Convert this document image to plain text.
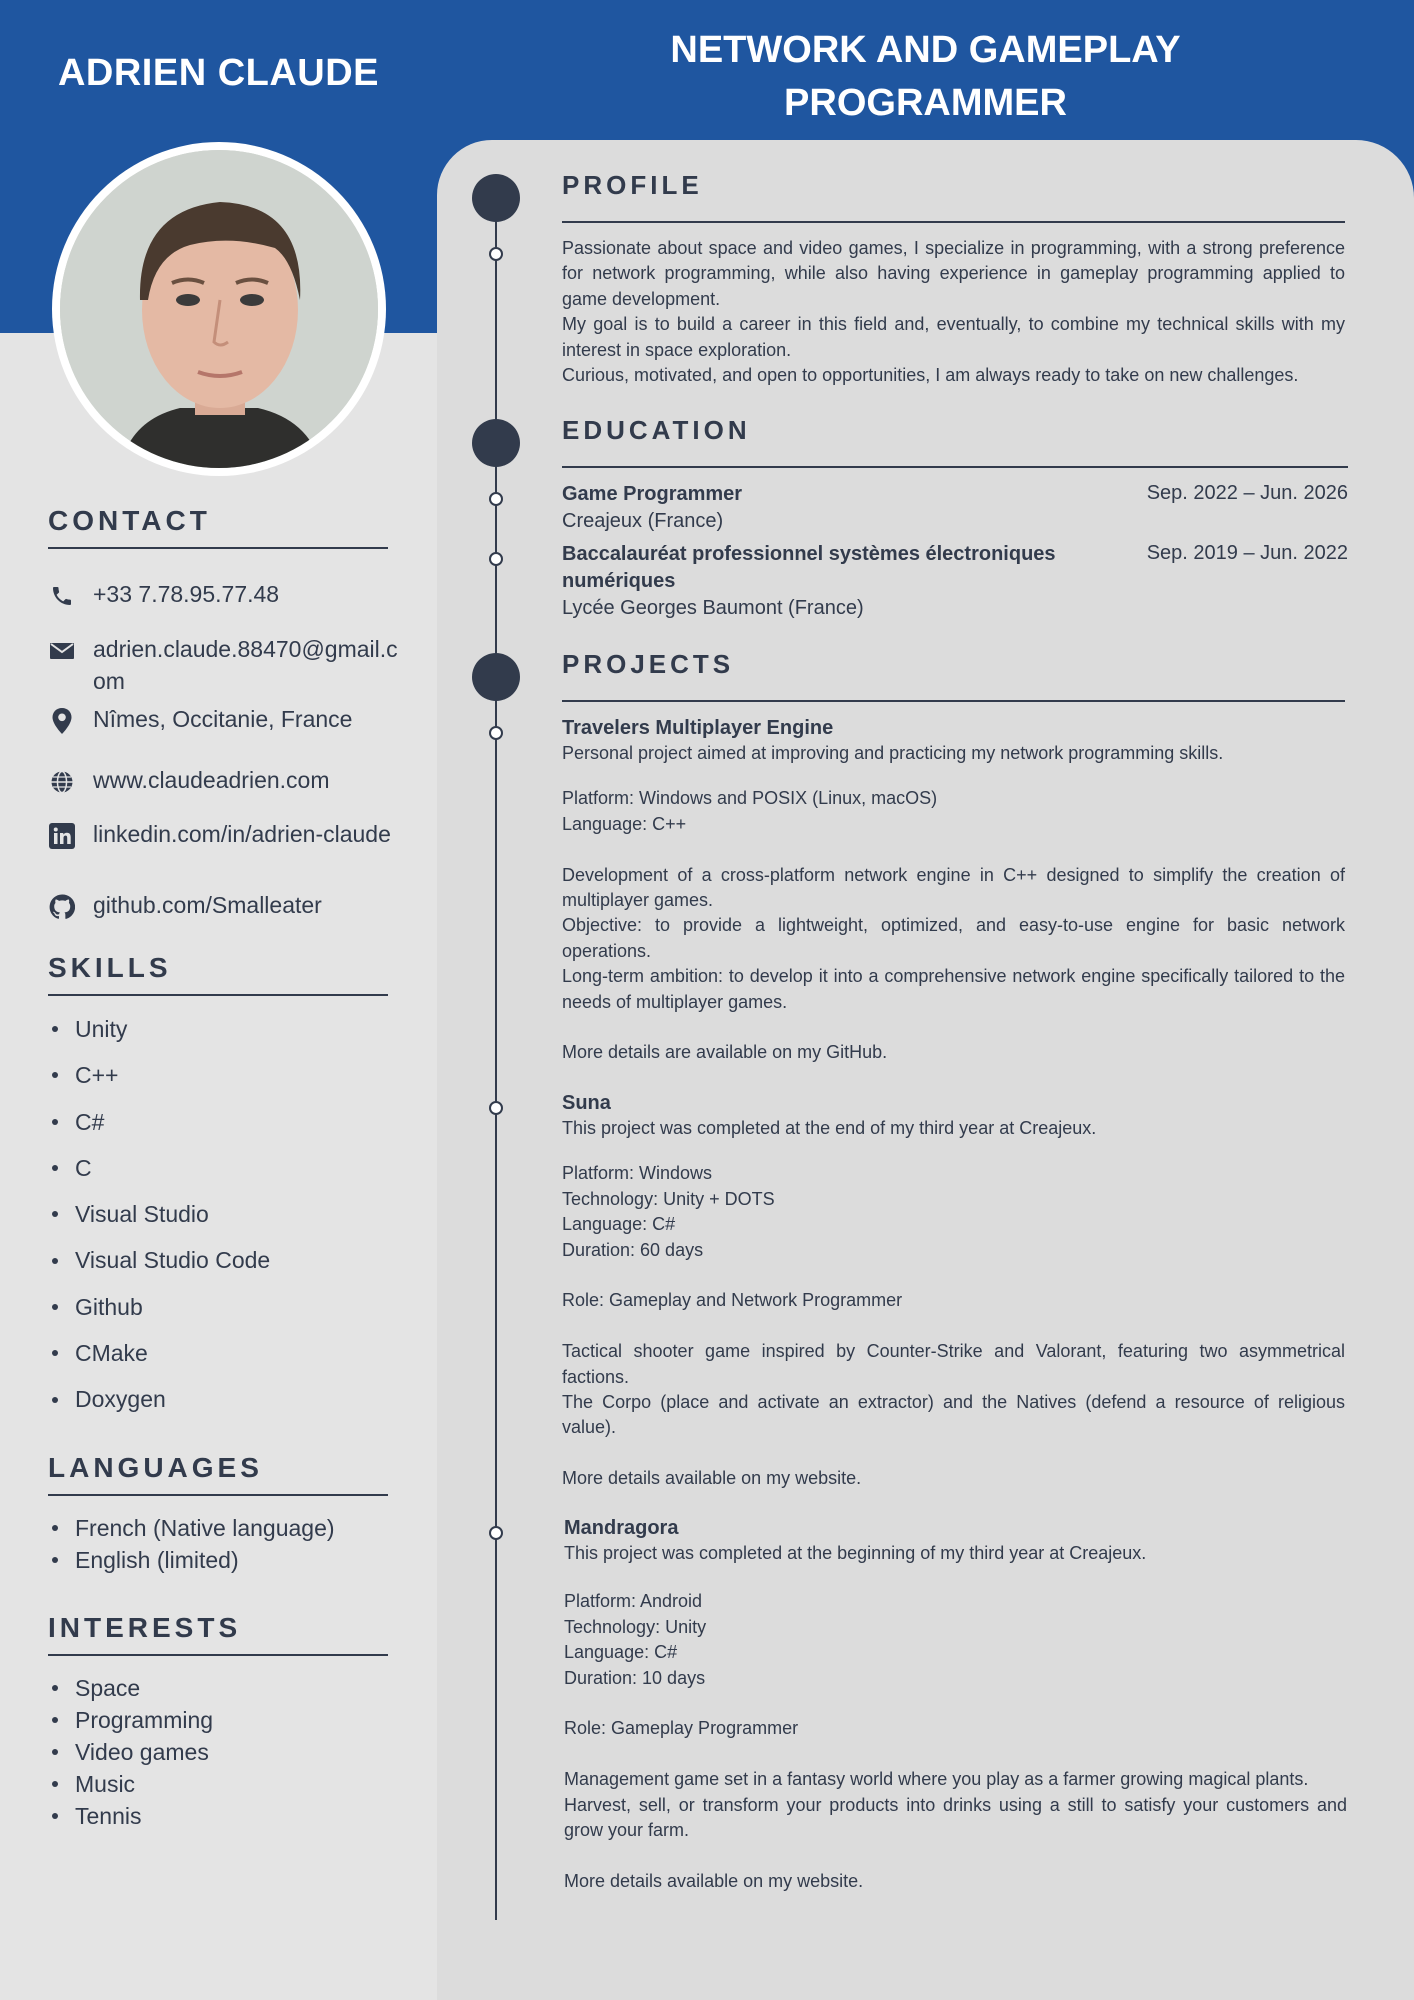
ADRIEN CLAUDE
NETWORK AND GAMEPLAY
PROGRAMMER
CONTACT
+33 7.78.95.77.48
adrien.claude.88470@gmail.com
Nîmes, Occitanie, France
www.claudeadrien.com
linkedin.com/in/adrien-claude
github.com/Smalleater
SKILLS
Unity
C++
C#
C
Visual Studio
Visual Studio Code
Github
CMake
Doxygen
LANGUAGES
French (Native language)
English (limited)
INTERESTS
Space
Programming
Video games
Music
Tennis
PROFILE

Passionate about space and video games, I specialize in programming, with a strong preference for network programming, while also having experience in gameplay programming applied to game development.

My goal is to build a career in this field and, eventually, to combine my technical skills with my interest in space exploration.

Curious, motivated, and open to opportunities, I am always ready to take on new challenges.

EDUCATION
Game Programmer
Creajeux (France)
Sep. 2022 – Jun. 2026
Baccalauréat professionnel systèmes électroniques numériques
Lycée Georges Baumont (France)
Sep. 2019 – Jun. 2022
PROJECTS
Travelers Multiplayer Engine

Personal project aimed at improving and practicing my network programming skills.

Platform: Windows and POSIX (Linux, macOS)

Language: C++

Development of a cross-platform network engine in C++ designed to simplify the creation of multiplayer games.

Objective: to provide a lightweight, optimized, and easy-to-use engine for basic network operations.

Long-term ambition: to develop it into a comprehensive network engine specifically tailored to the needs of multiplayer games.

More details are available on my GitHub.

Suna

This project was completed at the end of my third year at Creajeux.

Platform: Windows

Technology: Unity + DOTS

Language: C#

Duration: 60 days

Role: Gameplay and Network Programmer

Tactical shooter game inspired by Counter-Strike and Valorant, featuring two asymmetrical factions.

The Corpo (place and activate an extractor) and the Natives (defend a resource of religious value).

More details available on my website.

Mandragora

This project was completed at the beginning of my third year at Creajeux.

Platform: Android

Technology: Unity

Language: C#

Duration: 10 days

Role: Gameplay Programmer

Management game set in a fantasy world where you play as a farmer growing magical plants.

Harvest, sell, or transform your products into drinks using a still to satisfy your customers and grow your farm.

More details available on my website.
